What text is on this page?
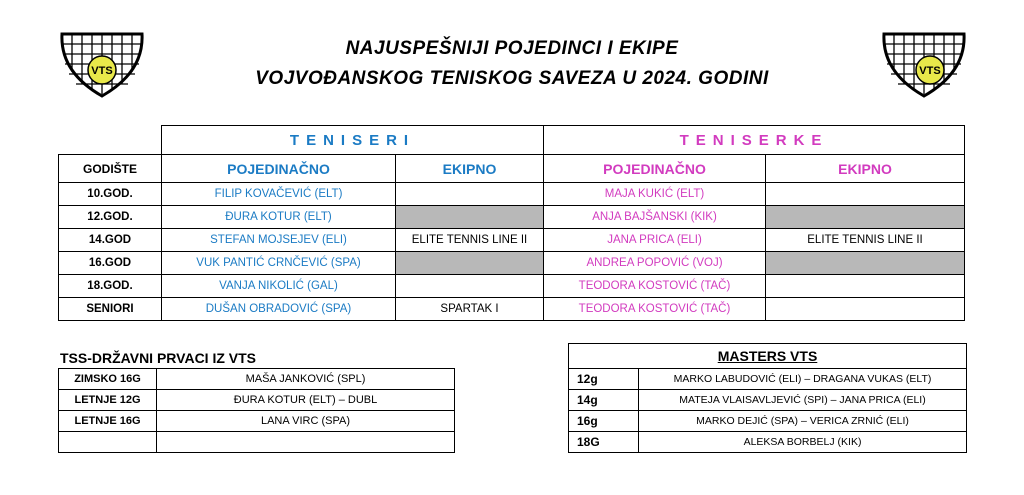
VTS	VTS
NAJUSPEŠNIJI POJEDINCI I EKIPE
VOJVOĐANSKOG TENISKOG SAVEZA U 2024. GODINI
	TENISERI		TENISERKE	
GODIŠTE	POJEDINAČNO	EKIPNO	POJEDINAČNO	EKIPNO
10.GOD.	FILIP KOVAČEVIĆ (ELT)		MAJA KUKIĆ (ELT)	
12.GOD.	ĐURA KOTUR (ELT)		ANJA BAJŠANSKI (KIK)	
14.GOD	STEFAN MOJSEJEV (ELI)	ELITE TENNIS LINE II	JANA PRICA (ELI)	ELITE TENNIS LINE II
16.GOD	VUK PANTIĆ CRNČEVIĆ (SPA)		ANDREA POPOVIĆ (VOJ)	
18.GOD.	VANJA NIKOLIĆ (GAL)		TEODORA KOSTOVIĆ (TAČ)	
SENIORI	DUŠAN OBRADOVIĆ (SPA)	SPARTAK I	TEODORA KOSTOVIĆ (TAČ)	
TSS-DRŽAVNI PRVACI IZ VTS
ZIMSKO 16G	MAŠA JANKOVIĆ (SPL)
LETNJE 12G	ĐURA KOTUR (ELT) – DUBL
LETNJE 16G	LANA VIRC (SPA)

MASTERS VTS	
12g	MARKO LABUDOVIĆ (ELI) – DRAGANA VUKAS (ELT)
14g	MATEJA VLAISAVLJEVIĆ (SPI) – JANA PRICA (ELI)
16g	MARKO DEJIĆ (SPA) – VERICA ZRNIĆ (ELI)
18G	ALEKSA BORBELJ (KIK)
